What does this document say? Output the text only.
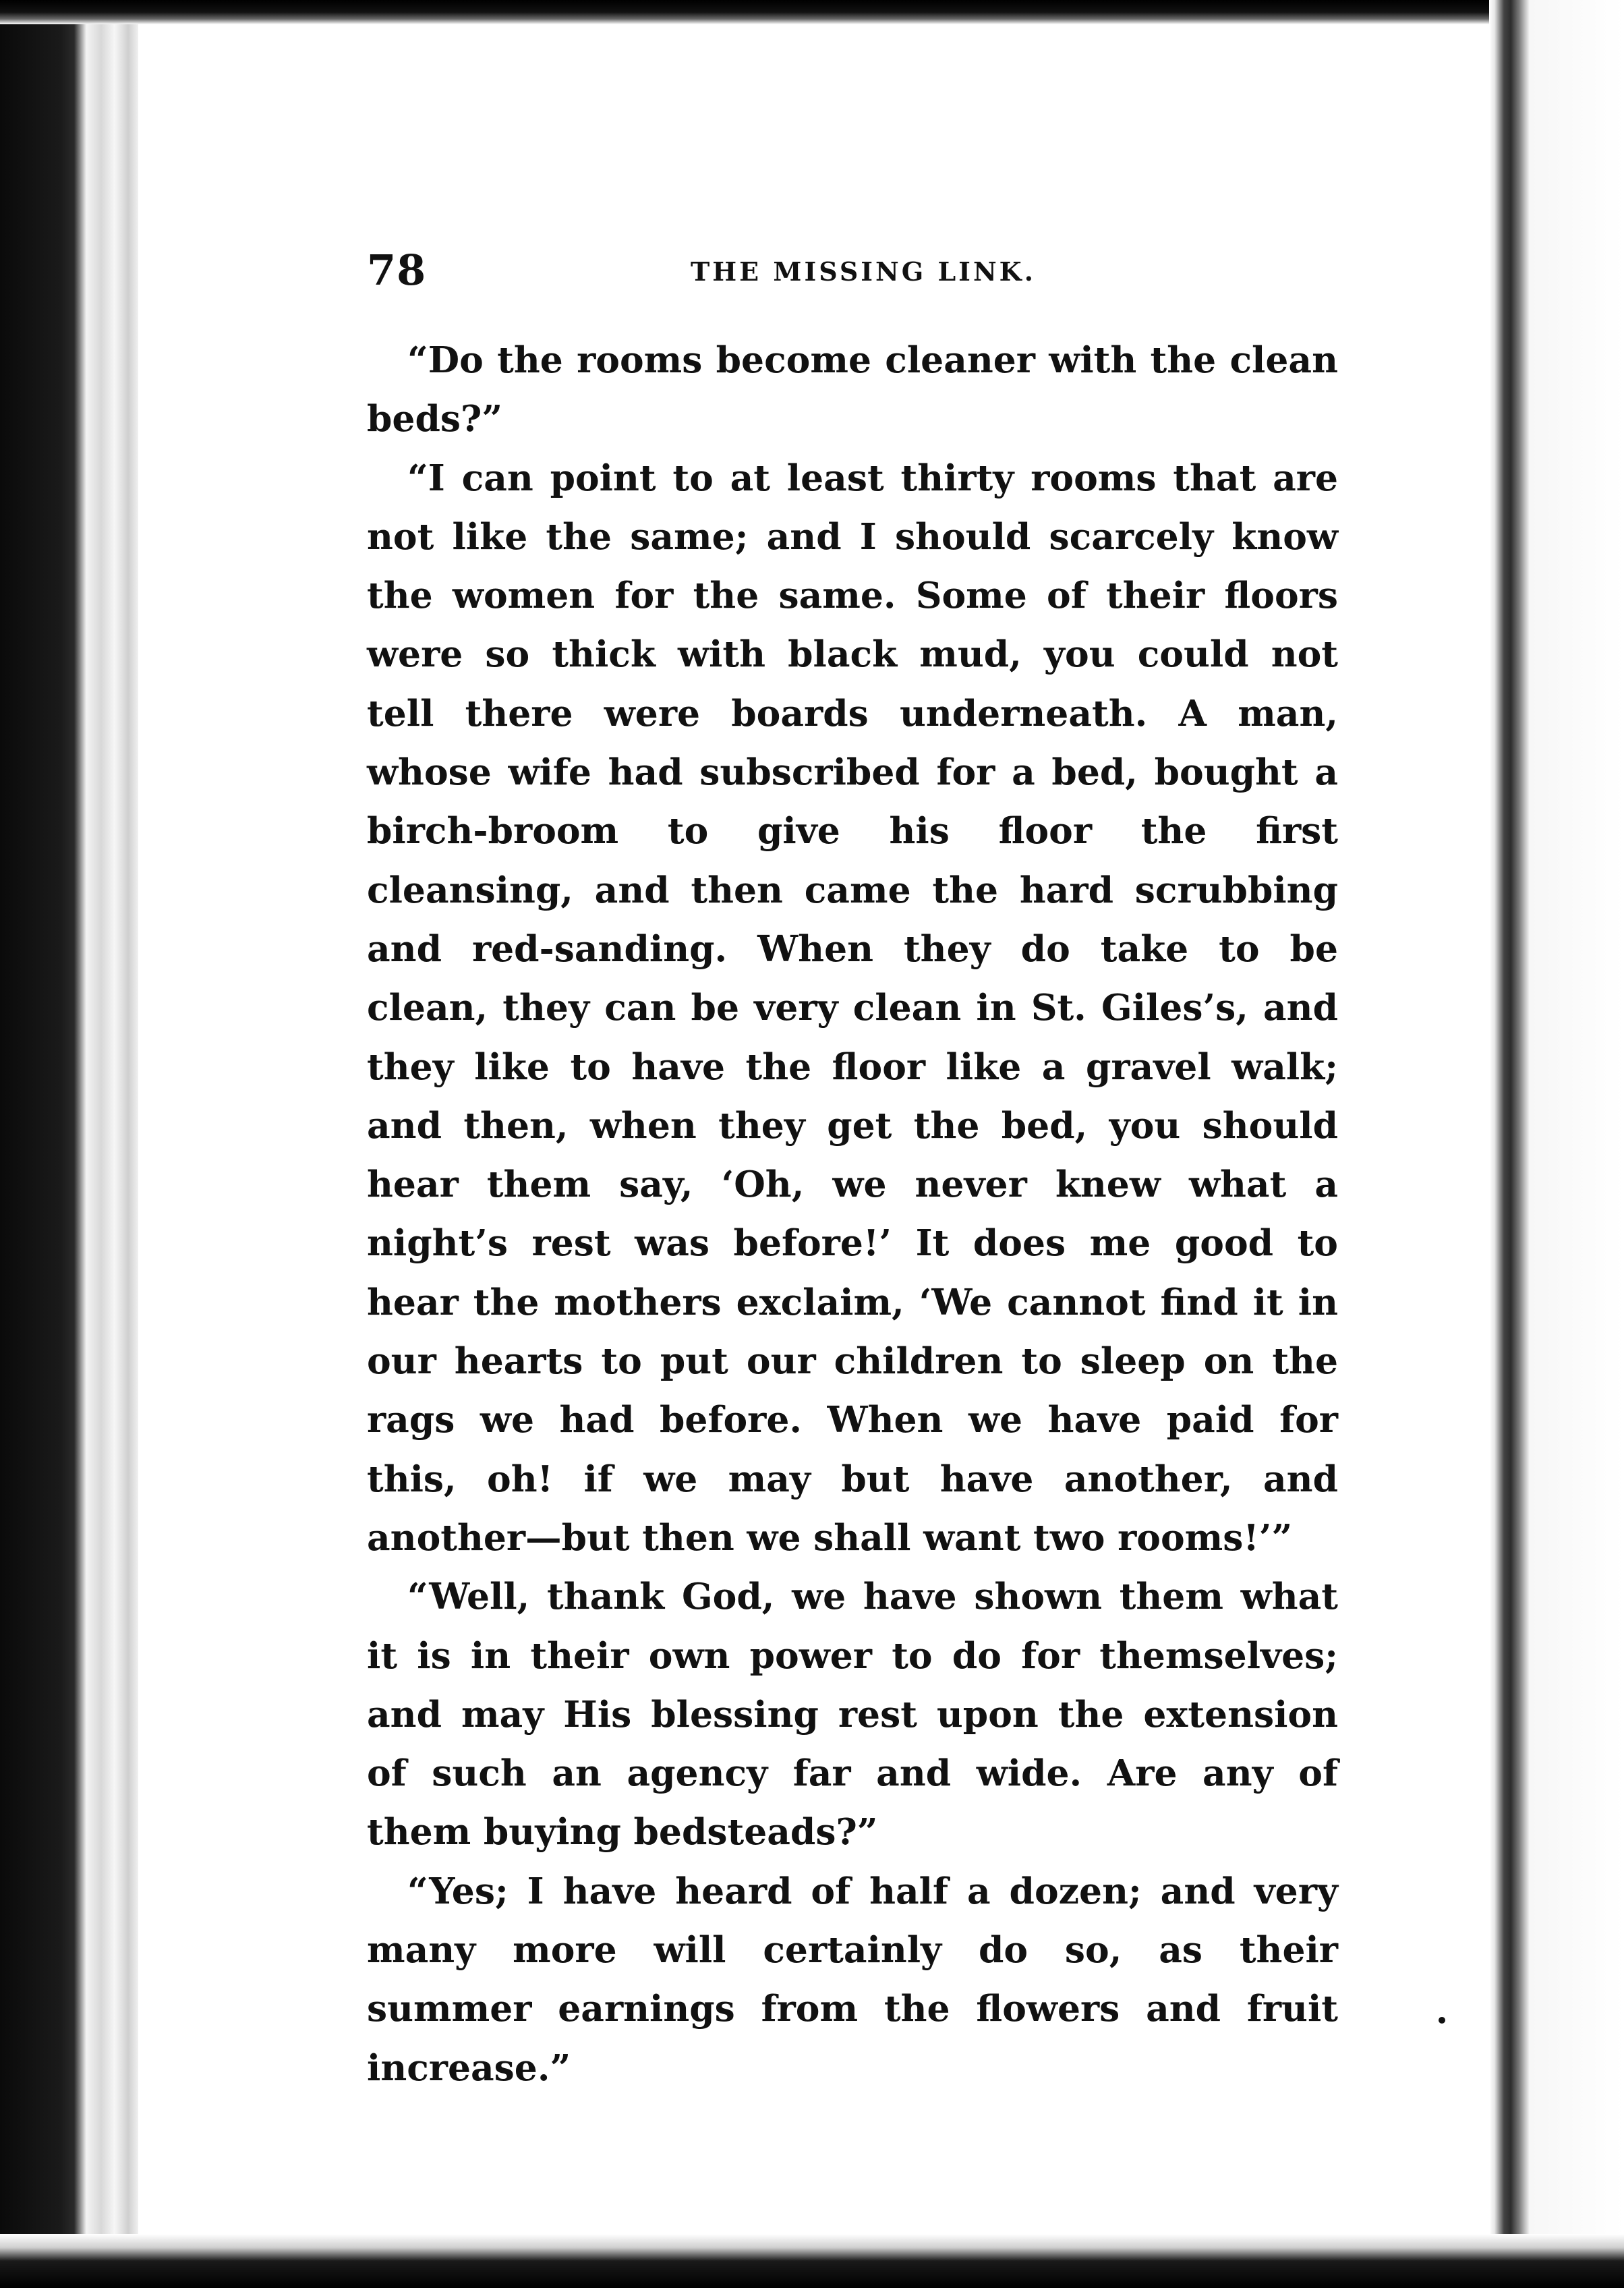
78	THE MISSING LINK.

“Do the rooms become cleaner with the clean beds?”

“I can point to at least thirty rooms that are not like the same; and I should scarcely know the women for the same. Some of their floors were so thick with black mud, you could not tell there were boards underneath. A man, whose wife had subscribed for a bed, bought a birch-broom to give his floor the first cleansing, and then came the hard scrubbing and red-sanding. When they do take to be clean, they can be very clean in St. Giles’s, and they like to have the floor like a gravel walk; and then, when they get the bed, you should hear them say, ‘Oh, we never knew what a night’s rest was before!’ It does me good to hear the mothers exclaim, ‘We cannot find it in our hearts to put our children to sleep on the rags we had before. When we have paid for this, oh! if we may but have another, and another—but then we shall want two rooms!’”

“Well, thank God, we have shown them what it is in their own power to do for themselves; and may His blessing rest upon the extension of such an agency far and wide. Are any of them buying bedsteads?”

“Yes; I have heard of half a dozen; and very many more will certainly do so, as their summer earnings from the flowers and fruit increase.”
